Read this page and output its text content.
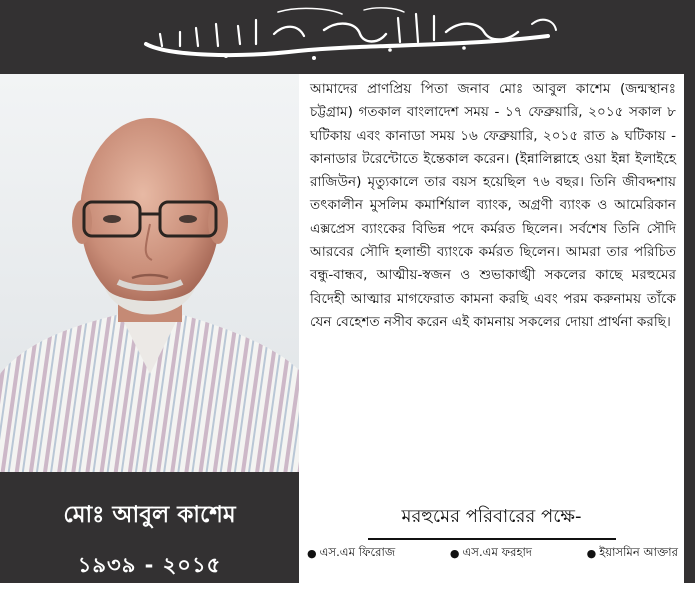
আমাদের প্রাণপ্রিয় পিতা জনাব মোঃ আবুল কাশেম (জন্মস্থানঃ চট্টগ্রাম) গতকাল বাংলাদেশ সময় - ১৭ ফেব্রুয়ারি, ২০১৫ সকাল ৮ ঘটিকায় এবং কানাডা সময় ১৬ ফেব্রুয়ারি, ২০১৫ রাত ৯ ঘটিকায় - কানাডার টরেন্টোতে ইন্তেকাল করেন। (ইন্নালিল্লাহে ওয়া ইন্না ইলাইহে রাজিউন) মৃত্যুকালে তার বয়স হয়েছিল ৭৬ বছর। তিনি জীবদ্দশায় তৎকালীন মুসলিম কমার্শিয়াল ব্যাংক, অগ্রণী ব্যাংক ও আমেরিকান এক্সপ্রেস ব্যাংকের বিভিন্ন পদে কর্মরত ছিলেন। সর্বশেষ তিনি সৌদি আরবের সৌদি হলান্ডী ব্যাংকে কর্মরত ছিলেন। আমরা তার পরিচিত বন্ধু-বান্ধব, আত্মীয়-স্বজন ও শুভাকাঙ্খী সকলের কাছে মরহুমের বিদেহী আত্মার মাগফেরাত কামনা করছি এবং পরম করুনাময় তাঁকে যেন বেহেশত নসীব করেন এই কামনায় সকলের দোয়া প্রার্থনা করছি।

মোঃ আবুল কাশেম
১৯৩৯ - ২০১৫
মরহুমের পরিবারের পক্ষে-
● এস.এম ফিরোজ	● এস.এম ফরহাদ	● ইয়াসমিন আক্তার
